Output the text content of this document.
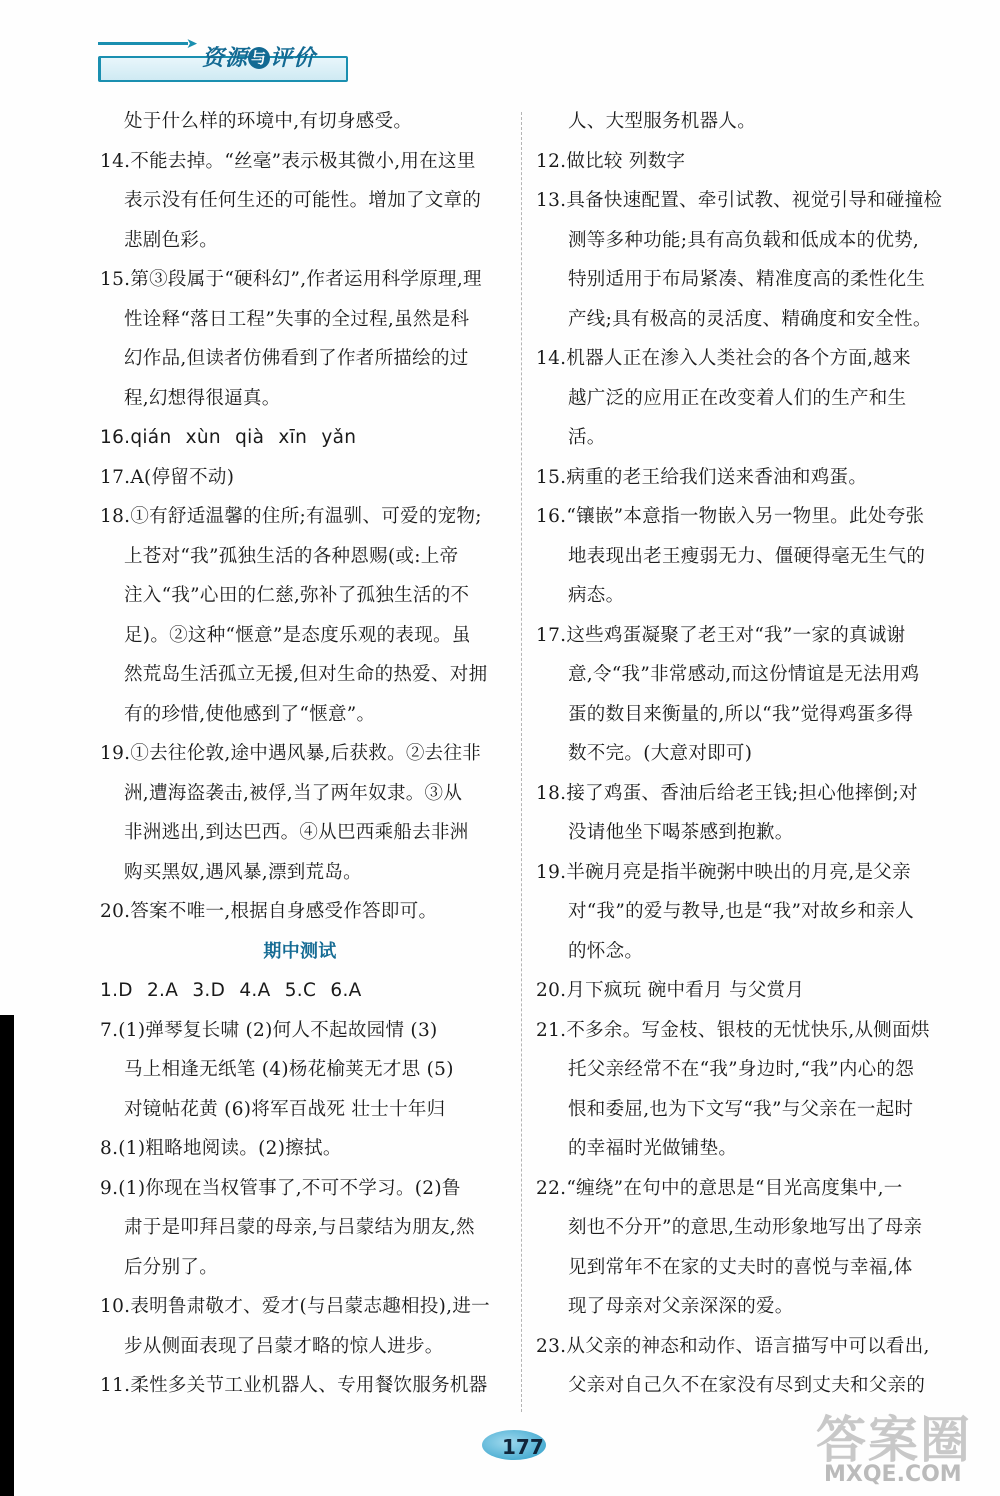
➤
资源 与 评价
处于什么样的环境中,有切身感受。
14.不能去掉。“丝毫”表示极其微小,用在这里
表示没有任何生还的可能性。增加了文章的
悲剧色彩。
15.第③段属于“硬科幻”,作者运用科学原理,理
性诠释“落日工程”失事的全过程,虽然是科
幻作品,但读者仿佛看到了作者所描绘的过
程,幻想得很逼真。
16.qián xùn qià xīn yǎn
17.A(停留不动)
18.①有舒适温馨的住所;有温驯、可爱的宠物;
上苍对“我”孤独生活的各种恩赐(或:上帝
注入“我”心田的仁慈,弥补了孤独生活的不
足)。②这种“惬意”是态度乐观的表现。虽
然荒岛生活孤立无援,但对生命的热爱、对拥
有的珍惜,使他感到了“惬意”。
19.①去往伦敦,途中遇风暴,后获救。②去往非
洲,遭海盗袭击,被俘,当了两年奴隶。③从
非洲逃出,到达巴西。④从巴西乘船去非洲
购买黑奴,遇风暴,漂到荒岛。
20.答案不唯一,根据自身感受作答即可。
期中测试
1.D 2.A 3.D 4.A 5.C 6.A
7.(1)弹琴复长啸 (2)何人不起故园情 (3)
马上相逢无纸笔 (4)杨花榆荚无才思 (5)
对镜帖花黄 (6)将军百战死 壮士十年归
8.(1)粗略地阅读。(2)擦拭。
9.(1)你现在当权管事了,不可不学习。(2)鲁
肃于是叩拜吕蒙的母亲,与吕蒙结为朋友,然
后分别了。
10.表明鲁肃敬才、爱才(与吕蒙志趣相投),进一
步从侧面表现了吕蒙才略的惊人进步。
11.柔性多关节工业机器人、专用餐饮服务机器
人、大型服务机器人。
12.做比较 列数字
13.具备快速配置、牵引试教、视觉引导和碰撞检
测等多种功能;具有高负载和低成本的优势,
特别适用于布局紧凑、精准度高的柔性化生
产线;具有极高的灵活度、精确度和安全性。
14.机器人正在渗入人类社会的各个方面,越来
越广泛的应用正在改变着人们的生产和生
活。
15.病重的老王给我们送来香油和鸡蛋。
16.“镶嵌”本意指一物嵌入另一物里。此处夸张
地表现出老王瘦弱无力、僵硬得毫无生气的
病态。
17.这些鸡蛋凝聚了老王对“我”一家的真诚谢
意,令“我”非常感动,而这份情谊是无法用鸡
蛋的数目来衡量的,所以“我”觉得鸡蛋多得
数不完。(大意对即可)
18.接了鸡蛋、香油后给老王钱;担心他摔倒;对
没请他坐下喝茶感到抱歉。
19.半碗月亮是指半碗粥中映出的月亮,是父亲
对“我”的爱与教导,也是“我”对故乡和亲人
的怀念。
20.月下疯玩 碗中看月 与父赏月
21.不多余。写金枝、银枝的无忧快乐,从侧面烘
托父亲经常不在“我”身边时,“我”内心的怨
恨和委屈,也为下文写“我”与父亲在一起时
的幸福时光做铺垫。
22.“缠绕”在句中的意思是“目光高度集中,一
刻也不分开”的意思,生动形象地写出了母亲
见到常年不在家的丈夫时的喜悦与幸福,体
现了母亲对父亲深深的爱。
23.从父亲的神态和动作、语言描写中可以看出,
父亲对自己久不在家没有尽到丈夫和父亲的
177	答案圈
MXQE.COM
